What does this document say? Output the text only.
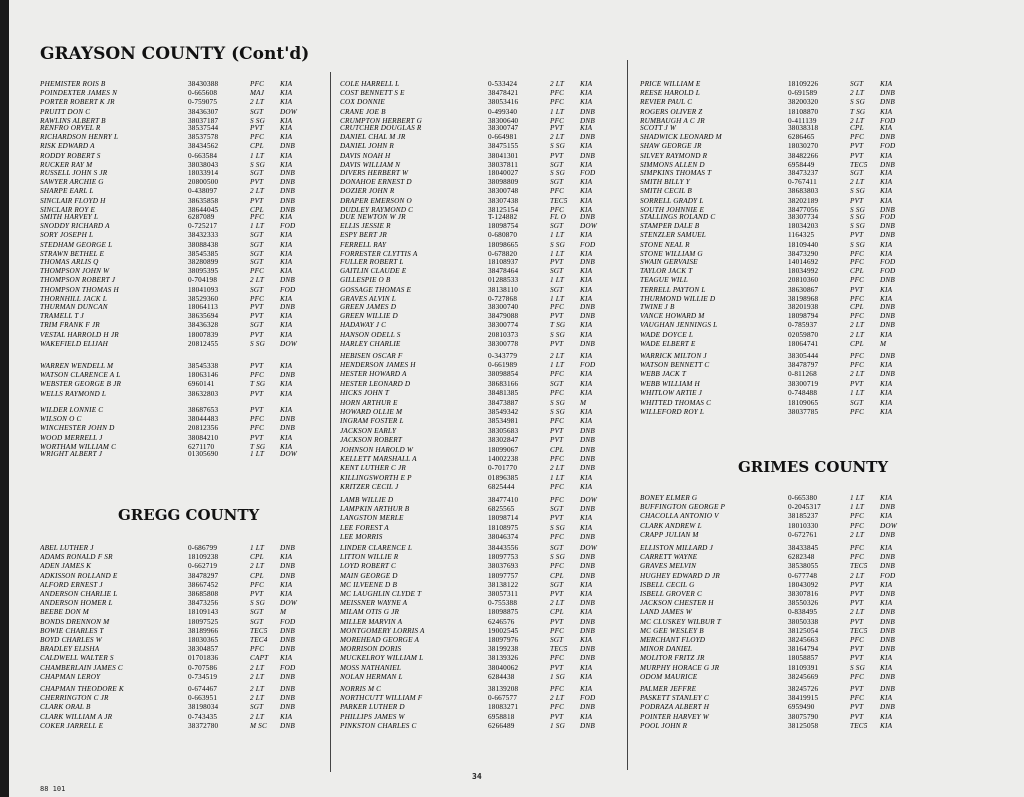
GRAYSON COUNTY (Cont'd)
PHEMISTER ROIS B	38430388	PFC	KIA
POINDEXTER JAMES N	0-665608	MAJ	KIA
PORTER ROBERT K JR	0-759075	2 LT	KIA
PRUITT DON C	38436307	SGT	DOW
RAWLINS ALBERT B	38037187	S SG	KIA
RENFRO ORVEL R	38537544	PVT	KIA
RICHARDSON HENRY L	38537578	PFC	KIA
RISK EDWARD A	38434562	CPL	DNB
RODDY ROBERT S	0-663584	1 LT	KIA
RUCKER RAY M	38038043	S SG	KIA
RUSSELL JOHN S JR	18033914	SGT	DNB
SAWYER ARCHIE G	20800500	PVT	DNB
SHARPE EARL L	0-438097	2 LT	DNB
SINCLAIR FLOYD H	38635858	PVT	DNB
SINCLAIR ROY E	38644045	CPL	DNB
SMITH HARVEY L	6287089	PFC	KIA
SNODDY RICHARD A	0-725217	1 LT	FOD
SORY JOSEPH L	38432333	SGT	KIA
STEDHAM GEORGE L	38088438	SGT	KIA
STRAWN BETHEL E	38545385	SGT	KIA
THOMAS ARLIS Q	38280899	SGT	KIA
THOMPSON JOHN W	38095395	PFC	KIA
THOMPSON ROBERT J	0-704198	2 LT	DNB
THOMPSON THOMAS H	18041093	SGT	FOD
THORNHILL JACK L	38529360	PFC	KIA
THURMAN DUNCAN	18064113	PVT	DNB
TRAMELL T J	38635694	PVT	KIA
TRIM FRANK F JR	38436328	SGT	KIA
VESTAL HARROLD H JR	18007839	PVT	KIA
WAKEFIELD ELIJAH	20812455	S SG	DOW
WARREN WENDELL M	38545338	PVT	KIA
WATSON CLARENCE A L	18063146	PFC	DNB
WEBSTER GEORGE B JR	6960141	T SG	KIA
WELLS RAYMOND L	38632803	PVT	KIA
WILDER LONNIE C	38687653	PVT	KIA
WILSON O C	38044483	PFC	DNB
WINCHESTER JOHN D	20812356	PFC	DNB
WOOD MERRELL J	38084210	PVT	KIA
WORTHAM WILLIAM C	6271170	T SG	KIA
WRIGHT ALBERT J	01305690	1 LT	DOW
GREGG COUNTY
ABEL LUTHER J	0-686799	1 LT	DNB
ADAMS RONALD F SR	18109238	CPL	KIA
ADEN JAMES K	0-662719	2 LT	DNB
ADKISSON ROLLAND E	38478297	CPL	DNB
ALFORD ERNEST J	38667452	PFC	KIA
ANDERSON CHARLIE L	38685808	PVT	KIA
ANDERSON HOMER L	38473256	S SG	DOW
BEEBE DON M	18109143	SGT	M
BONDS DRENNON M	18097525	SGT	FOD
BOWIE CHARLES T	38189966	TEC5	DNB
BOYD CHARLES W	18030365	TEC4	DNB
BRADLEY ELISHA	38304857	PFC	DNB
CALDWELL WALTER S	01701836	CAPT	KIA
CHAMBERLAIN JAMES C	0-707586	2 LT	FOD
CHAPMAN LEROY	0-734519	2 LT	DNB
CHAPMAN THEODORE K	0-674467	2 LT	DNB
CHERRINGTON C JR	0-663951	2 LT	DNB
CLARK ORAL B	38198034	SGT	DNB
CLARK WILLIAM A JR	0-743435	2 LT	KIA
COKER JARRELL E	38372780	M SC	DNB
COLE HARRELL L	0-533424	2 LT	KIA
COST BENNETT S E	38478421	PFC	KIA
COX DONNIE	38053416	PFC	KIA
CRANE JOE B	0-499340	1 LT	DNB
CRUMPTON HERBERT G	38300640	PFC	DNB
CRUTCHER DOUGLAS R	38300747	PVT	KIA
DANIEL CHAL M JR	0-664981	2 LT	DNB
DANIEL JOHN R	38475155	S SG	KIA
DAVIS NOAH H	38041301	PVT	DNB
DAVIS WILLIAM N	38037811	SGT	KIA
DIVERS HERBERT W	18040027	S SG	FOD
DONAHOE ERNEST D	38098809	SGT	KIA
DOZIER JOHN R	38300748	PFC	KIA
DRAPER EMERSON O	38307438	TEC5	KIA
DUDLEY RAYMOND C	38125154	PFC	KIA
DUE NEWTON W JR	T-124882	FL O	DNB
ELLIS JESSIE R	18098754	SGT	DOW
ESPY BERT JR	0-680870	1 LT	KIA
FERRELL RAY	18098665	S SG	FOD
FORRESTER CLYTTIS A	0-678820	1 LT	KIA
FULLER ROBERT L	18108937	PVT	DNB
GAITLIN CLAUDE E	38478464	SGT	KIA
GILLESPIE O B	01288533	1 LT	KIA
GOSSAGE THOMAS E	38138110	SGT	KIA
GRAVES ALVIN L	0-727868	1 LT	KIA
GREEN JAMES D	38300740	PFC	DNB
GREEN WILLIE D	38479088	PVT	DNB
HADAWAY J C	38300774	T SG	KIA
HANSON ODELL S	20810373	S SG	KIA
HARLEY CHARLIE	38300778	PVT	DNB
HEBISEN OSCAR F	0-343779	2 LT	KIA
HENDERSON JAMES H	0-661989	1 LT	FOD
HESTER HOWARD A	38098854	PFC	KIA
HESTER LEONARD D	38683166	SGT	KIA
HICKS JOHN T	38481385	PFC	KIA
HORN ARTHUR E	38473887	S SG	M
HOWARD OLLIE M	38549342	S SG	KIA
INGRAM FOSTER L	38534981	PFC	KIA
JACKSON EARLY	38305683	PVT	DNB
JACKSON ROBERT	38302847	PVT	DNB
JOHNSON HAROLD W	18099067	CPL	DNB
KELLETT MARSHALL A	14002238	PFC	DNB
KENT LUTHER C JR	0-701770	2 LT	DNB
KILLINGSWORTH E P	01896385	1 LT	KIA
KRITZER CECIL J	6825444	PFC	KIA
LAMB WILLIE D	38477410	PFC	DOW
LAMPKIN ARTHUR B	6825565	SGT	DNB
LANGSTON MERLE	18098714	PVT	KIA
LEE FOREST A	18108975	S SG	KIA
LEE MORRIS	38046374	PFC	DNB
LINDER CLARENCE L	38443556	SGT	DOW
LITTON WILLIE R	18097753	S SG	DNB
LOYD ROBERT C	38037693	PFC	DNB
MAIN GEORGE D	18097757	CPL	DNB
MC ILVEENE D B	38138122	SGT	KIA
MC LAUGHLIN CLYDE T	38057311	PVT	KIA
MEISSNER WAYNE A	0-755388	2 LT	DNB
MILAM OTIS G JR	18098875	CPL	KIA
MILLER MARVIN A	6246576	PVT	DNB
MONTGOMERY LORRIS A	19002545	PFC	DNB
MOREHEAD GEORGE A	18097976	SGT	KIA
MORRISON DORIS	38199238	TEC5	DNB
MUCKELROY WILLIAM L	38139326	PFC	DNB
MOSS NATHANIEL	38040062	PVT	KIA
NOLAN HERMAN L	6284438	1 SG	KIA
NORRIS M C	38139208	PFC	KIA
NORTHCUTT WILLIAM F	0-667577	2 LT	FOD
PARKER LUTHER D	18083271	PFC	DNB
PHILLIPS JAMES W	6958818	PVT	KIA
PINKSTON CHARLES C	6266489	1 SG	DNB
PRICE WILLIAM E	18109226	SGT	KIA
REESE HAROLD L	0-691589	2 LT	DNB
REVIER PAUL C	38200320	S SG	DNB
ROGERS OLIVER Z	18108870	T SG	KIA
RUMBAUGH A C JR	0-411139	2 LT	FOD
SCOTT J W	38038318	CPL	KIA
SHADWICK LEONARD M	6286465	PFC	DNB
SHAW GEORGE JR	18030270	PVT	FOD
SILVEY RAYMOND R	38482266	PVT	KIA
SIMMONS ALLEN D	6958449	TEC5	DNB
SIMPKINS THOMAS T	38473237	SGT	KIA
SMITH BILLY Y	0-767411	2 LT	KIA
SMITH CECIL B	38683803	S SG	KIA
SORRELL GRADY L	38202189	PVT	KIA
SOUTH JOHNNIE E	38477056	S SG	DNB
STALLINGS ROLAND C	38307734	S SG	FOD
STAMPER DALE B	18034203	S SG	DNB
STENZLER SAMUEL	1164325	PVT	DNB
STONE NEAL R	18109440	S SG	KIA
STONE WILLIAM G	38473290	PFC	KIA
SWAIN GERVAISE	14014692	PFC	FOD
TAYLOR JACK T	18034992	CPL	FOD
TEAGUE WILL	20810360	PFC	DNB
TERRELL PAYTON L	38630867	PVT	KIA
THURMOND WILLIE D	38198968	PFC	KIA
TWINE J B	38201938	CPL	DNB
VANCE HOWARD M	18098794	PFC	DNB
VAUGHAN JENNINGS L	0-785937	2 LT	DNB
WADE DOYCE L	02059870	2 LT	KIA
WADE ELBERT E	18064741	CPL	M
WARRICK MILTON J	38305444	PFC	DNB
WATSON BENNETT C	38478797	PFC	KIA
WEBB JACK T	0-811268	2 LT	DNB
WEBB WILLIAM H	38300719	PVT	KIA
WHITLOW ARTIE J	0-748488	1 LT	KIA
WHITTED THOMAS C	18109065	SGT	KIA
WILLEFORD ROY L	38037785	PFC	KIA
GRIMES COUNTY
BONEY ELMER G	0-665380	1 LT	KIA
BUFFINGTON GEORGE P	0-2045317	1 LT	DNB
CHACOLLA ANTONIO V	38185237	PFC	KIA
CLARK ANDREW L	18010330	PFC	DOW
CRAPP JULIAN M	0-672761	2 LT	DNB
ELLISTON MILLARD J	38433845	PFC	KIA
CARRETT WAYNE	6282348	PFC	DNB
GRAVES MELVIN	38538055	TEC5	DNB
HUGHEY EDWARD D JR	0-677748	2 LT	FOD
ISBELL CECIL G	18043092	PVT	KIA
ISBELL GROVER C	38307816	PVT	DNB
JACKSON CHESTER H	38550326	PVT	KIA
LAND JAMES W	0-838495	2 LT	DNB
MC CLUSKEY WILBUR T	38050338	PVT	DNB
MC GEE WESLEY B	38125054	TEC5	DNB
MERCHANT FLOYD	38245663	PFC	DNB
MINOR DANIEL	38164794	PVT	DNB
MOLITOR FRITZ JR	18058857	PVT	KIA
MURPHY HORACE G JR	18109391	S SG	KIA
ODOM MAURICE	38245669	PFC	DNB
PALMER JEFFRE	38245726	PVT	DNB
PASKETT STANLEY C	38419915	PFC	KIA
PODRAZA ALBERT H	6959490	PVT	DNB
POINTER HARVEY W	38075790	PVT	KIA
POOL JOHN R	38125058	TEC5	KIA
34
88 101
